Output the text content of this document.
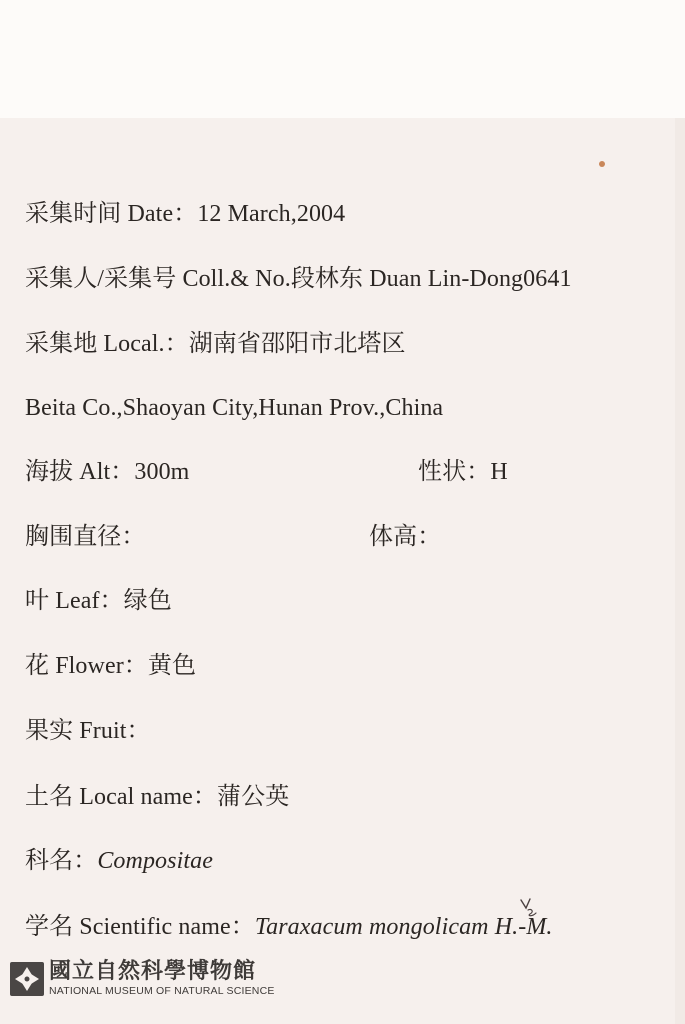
采集时间 Date：12 March,2004
采集人/采集号 Coll.& No.段林东 Duan Lin-Dong0641
采集地 Local.：湖南省邵阳市北塔区
Beita Co.,Shaoyan City,Hunan Prov.,China
海拔 Alt：300m	性状：H
胸围直径：	体高：
叶 Leaf：绿色
花 Flower：黄色
果实 Fruit：
土名 Local name：蒲公英
科名：Compositae
学名 Scientific name：Taraxacum mongolicam H.-M.
國立自然科學博物館
NATIONAL MUSEUM OF NATURAL SCIENCE
